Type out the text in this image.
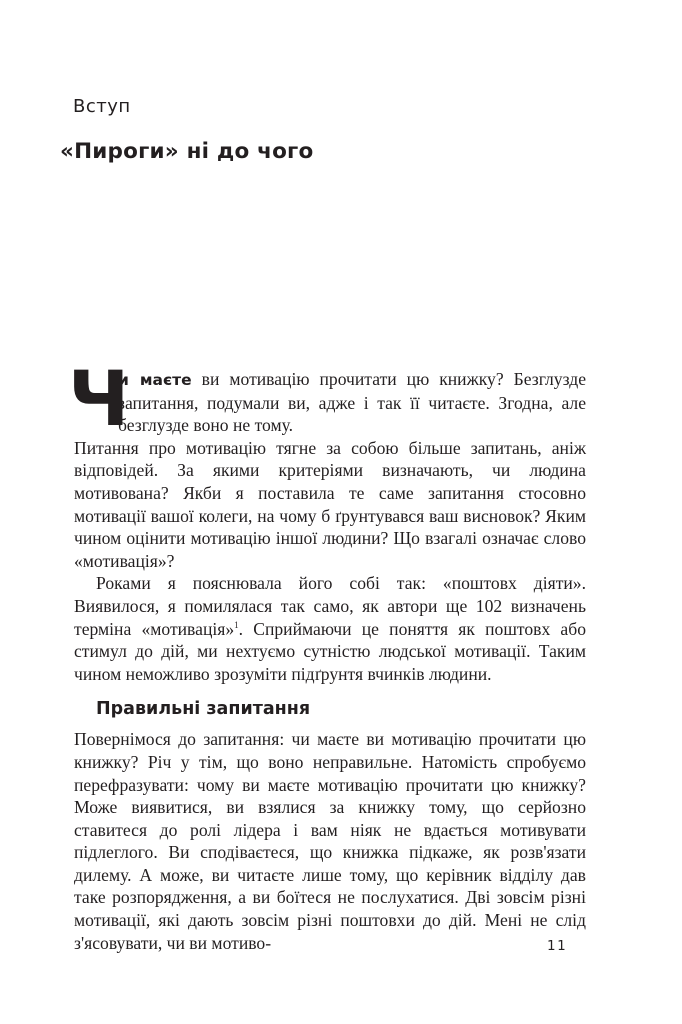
Вступ
«Пироги» ні до чого

Ч
и маєте ви мотивацію прочитати цю книжку? Безглузде запитання, подумали ви, адже і так її читаєте. Згодна, але безглузде воно не тому.

Питання про мотивацію тягне за собою більше запитань, аніж відповідей. За якими критеріями визначають, чи людина мотивована? Якби я поставила те саме запитання стосовно мотивації вашої колеги, на чому б ґрунтувався ваш висновок? Яким чином оцінити мотивацію іншої людини? Що взагалі означає слово «мотивація»?

Роками я пояснювала його собі так: «поштовх діяти». Виявилося, я помилялася так само, як автори ще 102 визначень терміна «мотивація»$^1$. Сприймаючи це поняття як поштовх або стимул до дій, ми нехтуємо сутністю людської мотивації. Таким чином неможливо зрозуміти підґрунтя вчинків людини.

Правильні запитання

Повернімося до запитання: чи маєте ви мотивацію прочитати цю книжку? Річ у тім, що воно неправильне. Натомість спробуємо перефразувати: чому ви маєте мотивацію прочитати цю книжку? Може виявитися, ви взялися за книжку тому, що серйозно ставитеся до ролі лідера і вам ніяк не вдається мотивувати підлеглого. Ви сподіваєтеся, що книжка підкаже, як розв'язати дилему. А може, ви читаєте лише тому, що керівник відділу дав таке розпорядження, а ви боїтеся не послухатися. Дві зовсім різні мотивації, які дають зовсім різні поштовхи до дій. Мені не слід з'ясовувати, чи ви мотиво-	11
